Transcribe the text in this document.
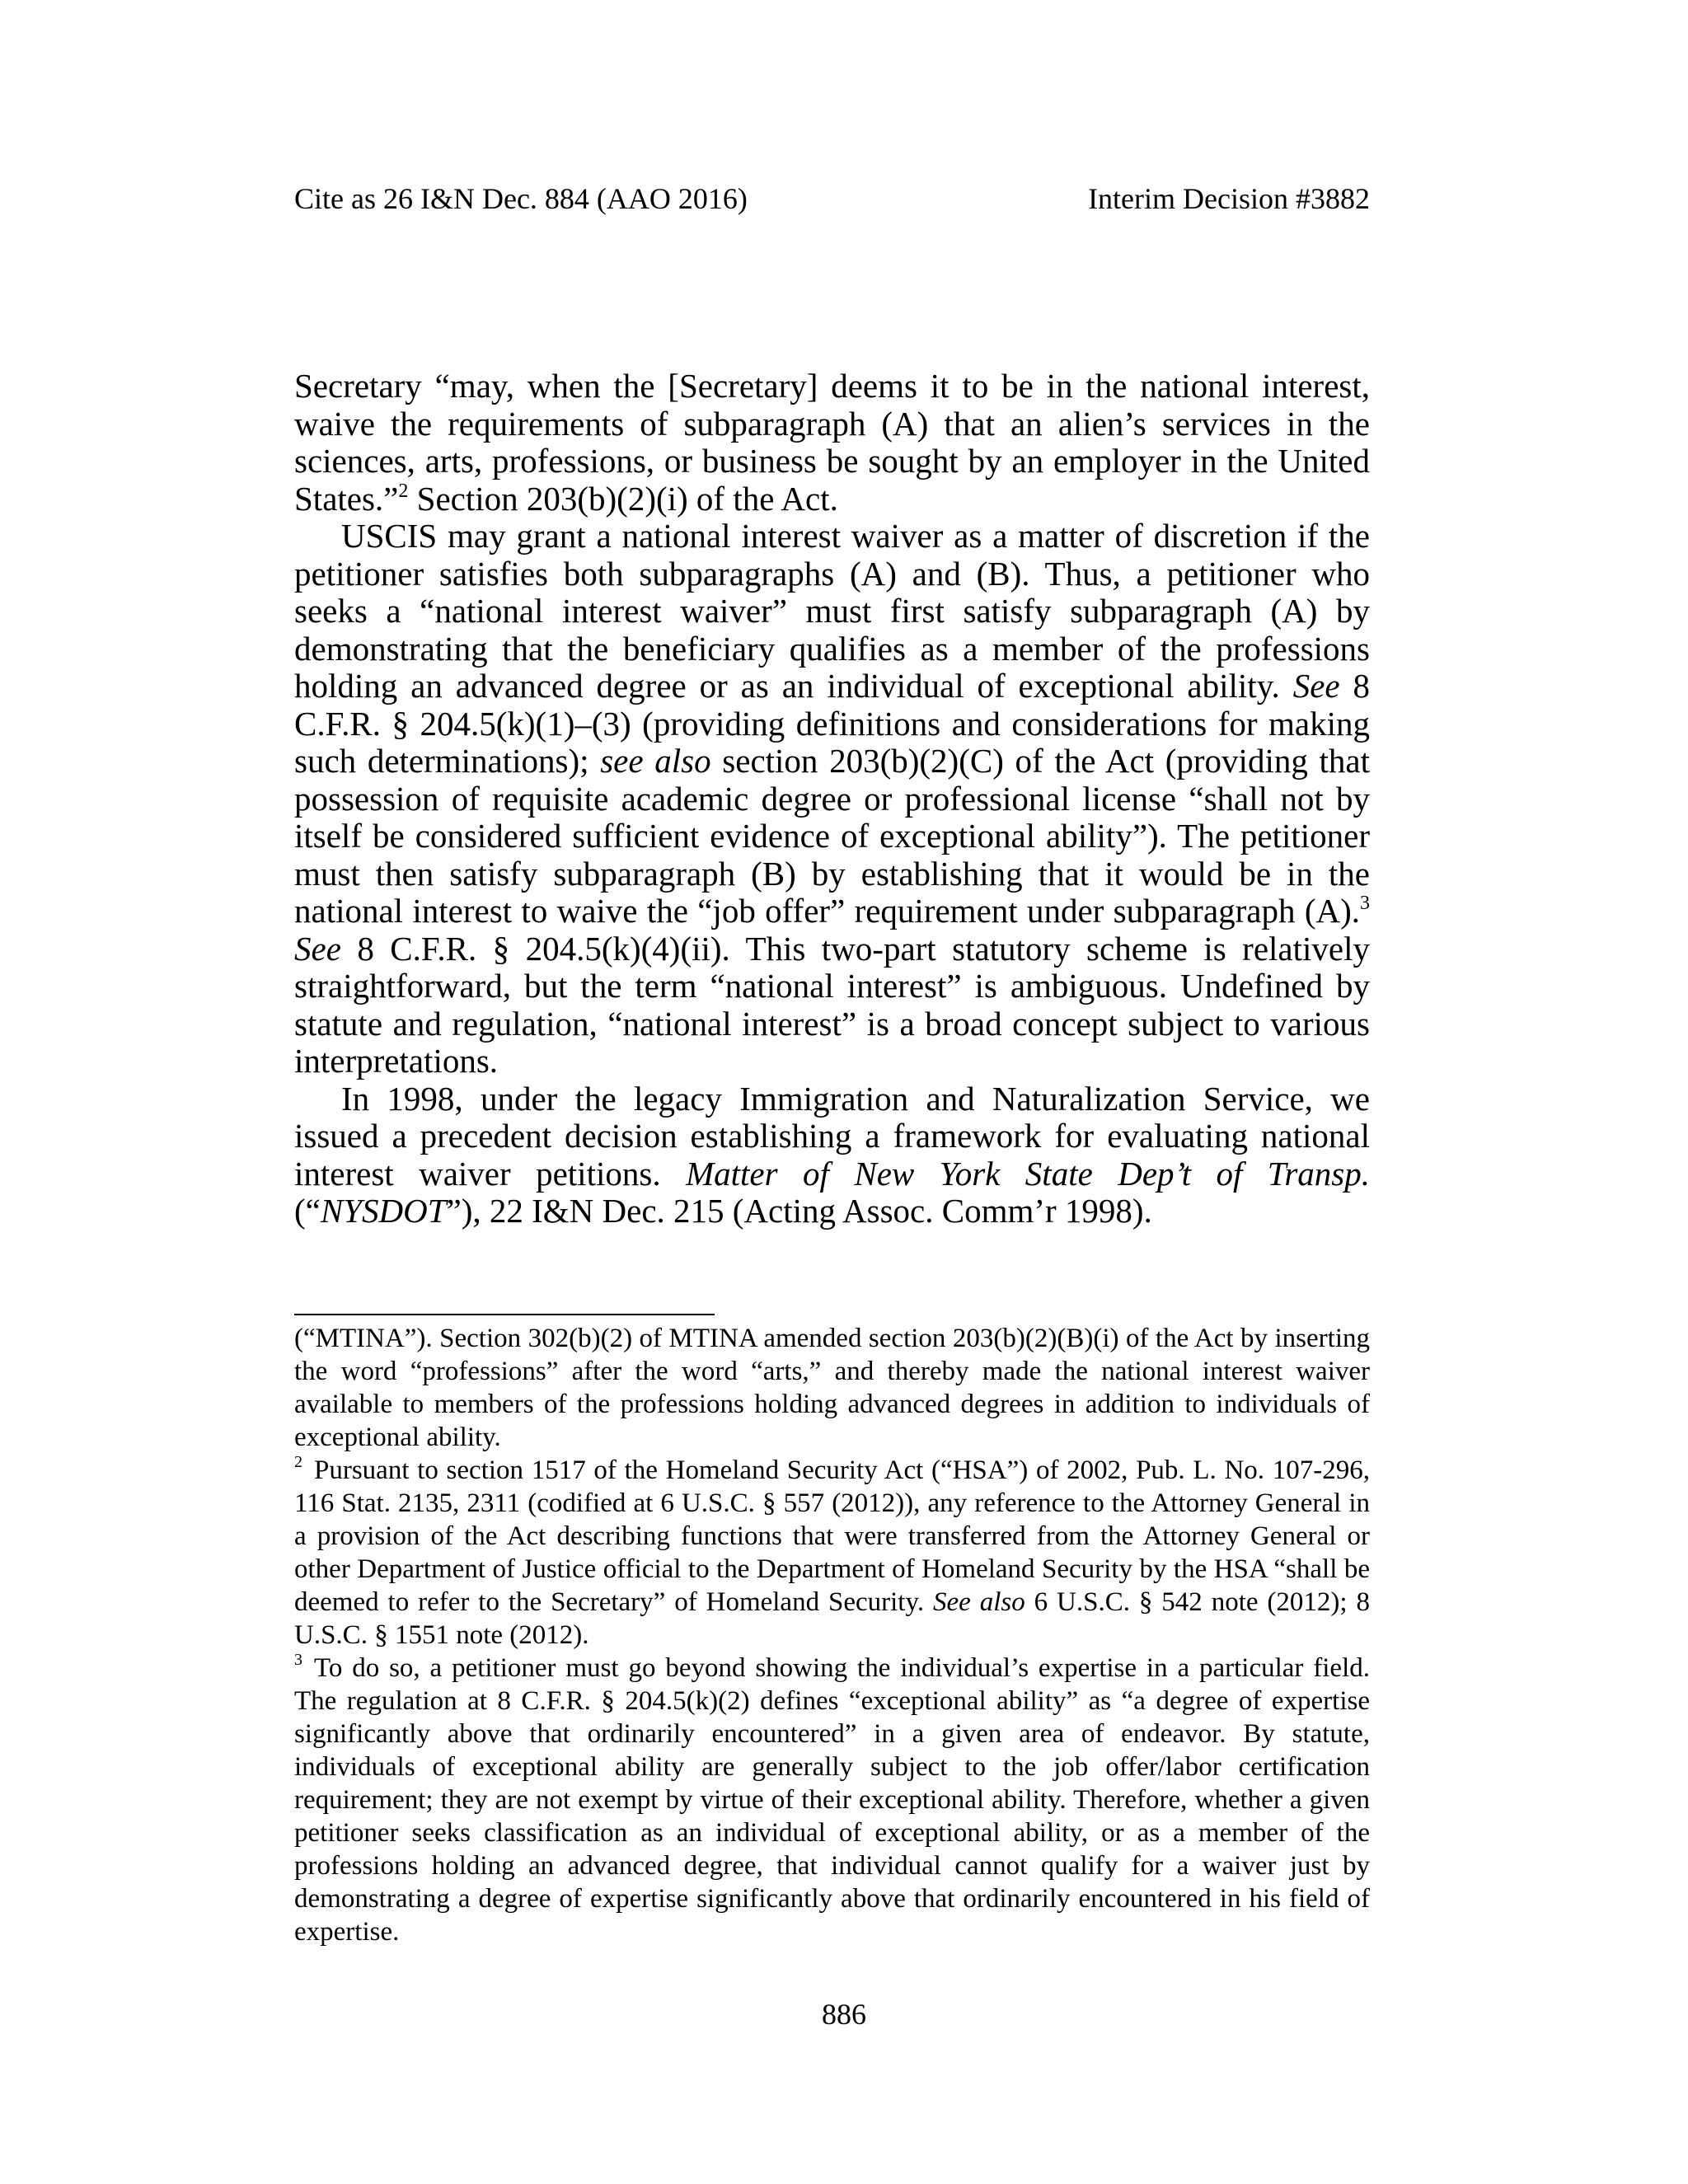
Cite as 26 I&N Dec. 884 (AAO 2016)	Interim Decision #3882

Secretary “may, when the [Secretary] deems it to be in the national interest, waive the requirements of subparagraph (A) that an alien’s services in the sciences, arts, professions, or business be sought by an employer in the United States.”$^2$ Section 203(b)(2)(i) of the Act.

USCIS may grant a national interest waiver as a matter of discretion if the petitioner satisfies both subparagraphs (A) and (B). Thus, a petitioner who seeks a “national interest waiver” must first satisfy subparagraph (A) by demonstrating that the beneficiary qualifies as a member of the professions holding an advanced degree or as an individual of exceptional ability. See 8 C.F.R. § 204.5(k)(1)–(3) (providing definitions and considerations for making such determinations); see also section 203(b)(2)(C) of the Act (providing that possession of requisite academic degree or professional license “shall not by itself be considered sufficient evidence of exceptional ability”). The petitioner must then satisfy subparagraph (B) by establishing that it would be in the national interest to waive the “job offer” requirement under subparagraph (A).$^3$ See 8 C.F.R. § 204.5(k)(4)(ii). This two-part statutory scheme is relatively straightforward, but the term “national interest” is ambiguous. Undefined by statute and regulation, “national interest” is a broad concept subject to various interpretations.

In 1998, under the legacy Immigration and Naturalization Service, we issued a precedent decision establishing a framework for evaluating national interest waiver petitions. Matter of New York State Dep’t of Transp. (“NYSDOT”), 22 I&N Dec. 215 (Acting Assoc. Comm’r 1998).

(“MTINA”). Section 302(b)(2) of MTINA amended section 203(b)(2)(B)(i) of the Act by inserting the word “professions” after the word “arts,” and thereby made the national interest waiver available to members of the professions holding advanced degrees in addition to individuals of exceptional ability.

$^2$ Pursuant to section 1517 of the Homeland Security Act (“HSA”) of 2002, Pub. L. No. 107-296, 116 Stat. 2135, 2311 (codified at 6 U.S.C. § 557 (2012)), any reference to the Attorney General in a provision of the Act describing functions that were transferred from the Attorney General or other Department of Justice official to the Department of Homeland Security by the HSA “shall be deemed to refer to the Secretary” of Homeland Security. See also 6 U.S.C. § 542 note (2012); 8 U.S.C. § 1551 note (2012).

$^3$ To do so, a petitioner must go beyond showing the individual’s expertise in a particular field. The regulation at 8 C.F.R. § 204.5(k)(2) defines “exceptional ability” as “a degree of expertise significantly above that ordinarily encountered” in a given area of endeavor. By statute, individuals of exceptional ability are generally subject to the job offer/labor certification requirement; they are not exempt by virtue of their exceptional ability. Therefore, whether a given petitioner seeks classification as an individual of exceptional ability, or as a member of the professions holding an advanced degree, that individual cannot qualify for a waiver just by demonstrating a degree of expertise significantly above that ordinarily encountered in his field of expertise.

886
